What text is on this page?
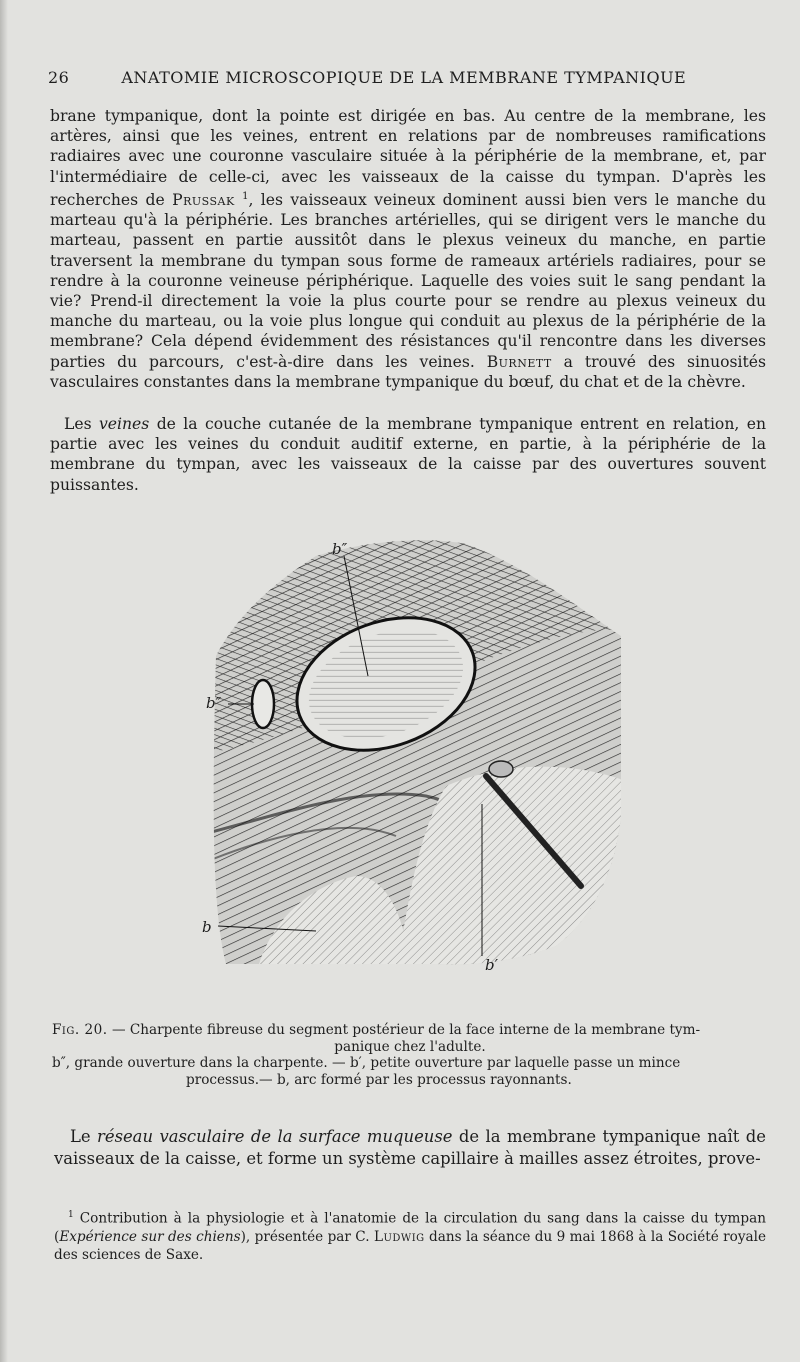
26	ANATOMIE MICROSCOPIQUE DE LA MEMBRANE TYMPANIQUE

brane tympanique, dont la pointe est dirigée en bas. Au centre de la membrane, les artères, ainsi que les veines, entrent en relations par de nombreuses ramifications radiaires avec une couronne vasculaire située à la périphérie de la membrane, et, par l'intermédiaire de celle-ci, avec les vaisseaux de la caisse du tympan. D'après les recherches de Prussak $^1$, les vaisseaux veineux dominent aussi bien vers le manche du marteau qu'à la périphérie. Les branches artérielles, qui se dirigent vers le manche du marteau, passent en partie aussitôt dans le plexus veineux du manche, en partie traversent la membrane du tympan sous forme de rameaux artériels radiaires, pour se rendre à la couronne veineuse périphérique. Laquelle des voies suit le sang pendant la vie? Prend-il directement la voie la plus courte pour se rendre au plexus veineux du manche du marteau, ou la voie plus longue qui conduit au plexus de la périphérie de la membrane? Cela dépend évidemment des résistances qu'il rencontre dans les diverses parties du parcours, c'est-à-dire dans les veines. Burnett a trouvé des sinuosités vasculaires constantes dans la membrane tympanique du bœuf, du chat et de la chèvre.

Les veines de la couche cutanée de la membrane tympanique entrent en relation, en partie avec les veines du conduit auditif externe, en partie, à la périphérie de la membrane du tympan, avec les vaisseaux de la caisse par des ouvertures souvent puissantes.

b″
b″
b
b′

Fig. 20. — Charpente fibreuse du segment postérieur de la face interne de la membrane tym-

panique chez l'adulte.

b″, grande ouverture dans la charpente. — b′, petite ouverture par laquelle passe un mince

processus.— b, arc formé par les processus rayonnants.

Le réseau vasculaire de la surface muqueuse de la membrane tympanique naît de vaisseaux de la caisse, et forme un système capillaire à mailles assez étroites, prove-

$^1$ Contribution à la physiologie et à l'anatomie de la circulation du sang dans la caisse du tympan (Expérience sur des chiens), présentée par C. Ludwig dans la séance du 9 mai 1868 à la Société royale des sciences de Saxe.
